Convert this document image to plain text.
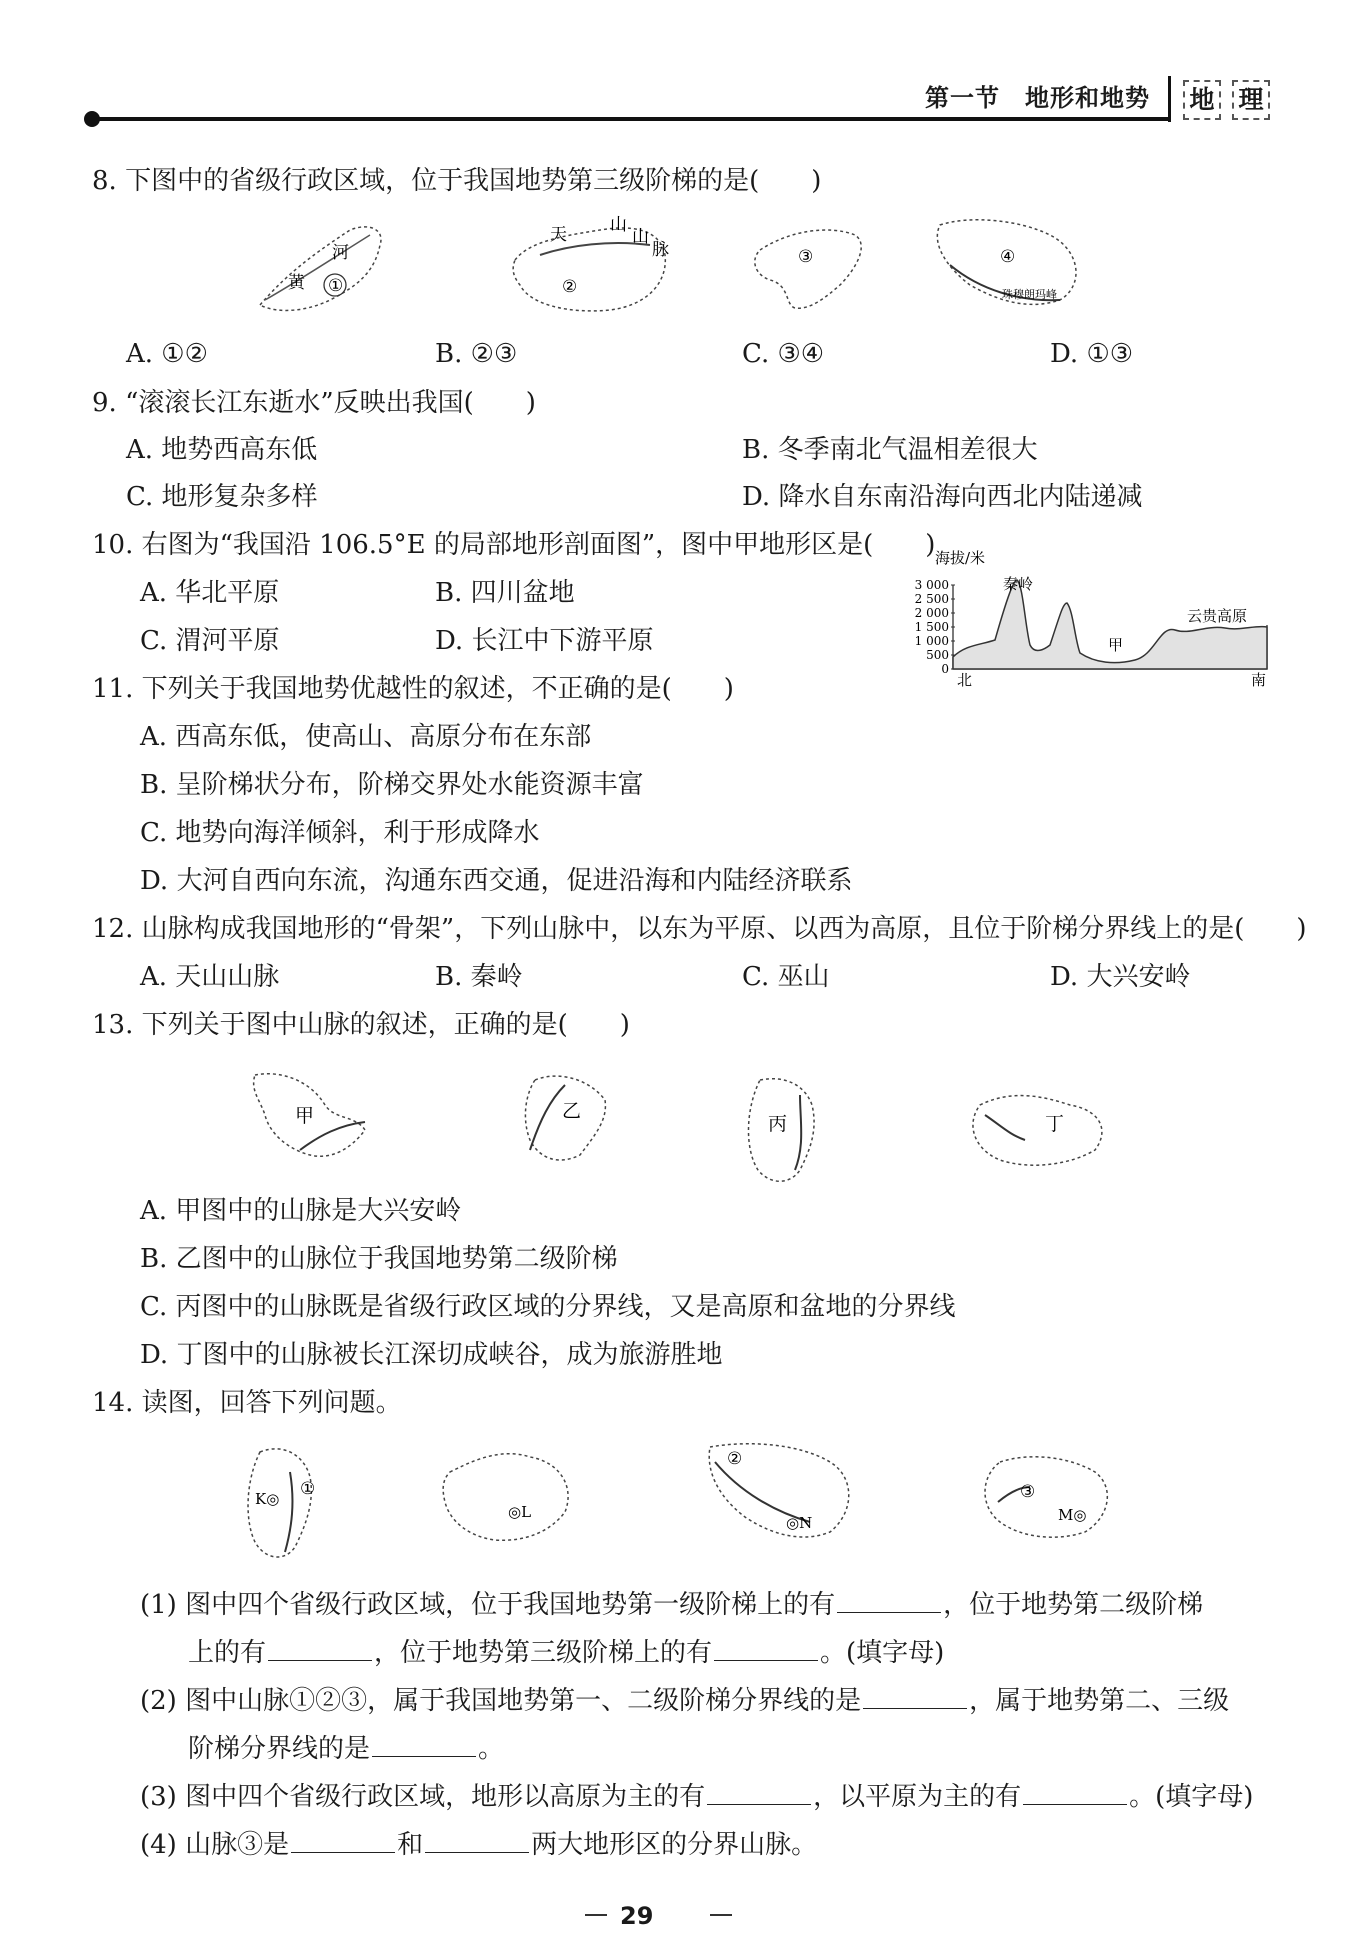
第一节　地形和地势 地 理
8. 下图中的省级行政区域，位于我国地势第三级阶梯的是(　　)
河
黄 ①
天	山
山
脉
②
③	④
珠穆朗玛峰
A. ①②	B. ②③	C. ③④	D. ①③
9. “滚滚长江东逝水”反映出我国(　　)
A. 地势西高东低	B. 冬季南北气温相差很大
C. 地形复杂多样	D. 降水自东南沿海向西北内陆递减
10. 右图为“我国沿 106.5°E 的局部地形剖面图”，图中甲地形区是(　　)
A. 华北平原	B. 四川盆地
C. 渭河平原	D. 长江中下游平原
海拔/米
3 000
2 500
2 000
1 500
1 000
500
0
秦岭
甲
云贵高原
北	南
11. 下列关于我国地势优越性的叙述，不正确的是(　　)
A. 西高东低，使高山、高原分布在东部
B. 呈阶梯状分布，阶梯交界处水能资源丰富
C. 地势向海洋倾斜，利于形成降水
D. 大河自西向东流，沟通东西交通，促进沿海和内陆经济联系
12. 山脉构成我国地形的“骨架”，下列山脉中，以东为平原、以西为高原，且位于阶梯分界线上的是(　　)
A. 天山山脉	B. 秦岭	C. 巫山	D. 大兴安岭
13. 下列关于图中山脉的叙述，正确的是(　　)
甲	乙
丙	丁
A. 甲图中的山脉是大兴安岭
B. 乙图中的山脉位于我国地势第二级阶梯
C. 丙图中的山脉既是省级行政区域的分界线，又是高原和盆地的分界线
D. 丁图中的山脉被长江深切成峡谷，成为旅游胜地
14. 读图，回答下列问题。
K◎ ①
◎L
②
◎N
③
M◎
(1) 图中四个省级行政区域，位于我国地势第一级阶梯上的有	，位于地势第二级阶梯
上的有	，位于地势第三级阶梯上的有	。(填字母)
(2) 图中山脉①②③，属于我国地势第一、二级阶梯分界线的是	，属于地势第二、三级
阶梯分界线的是	。
(3) 图中四个省级行政区域，地形以高原为主的有	，以平原为主的有	。(填字母)
(4) 山脉③是	和	两大地形区的分界山脉。
29
